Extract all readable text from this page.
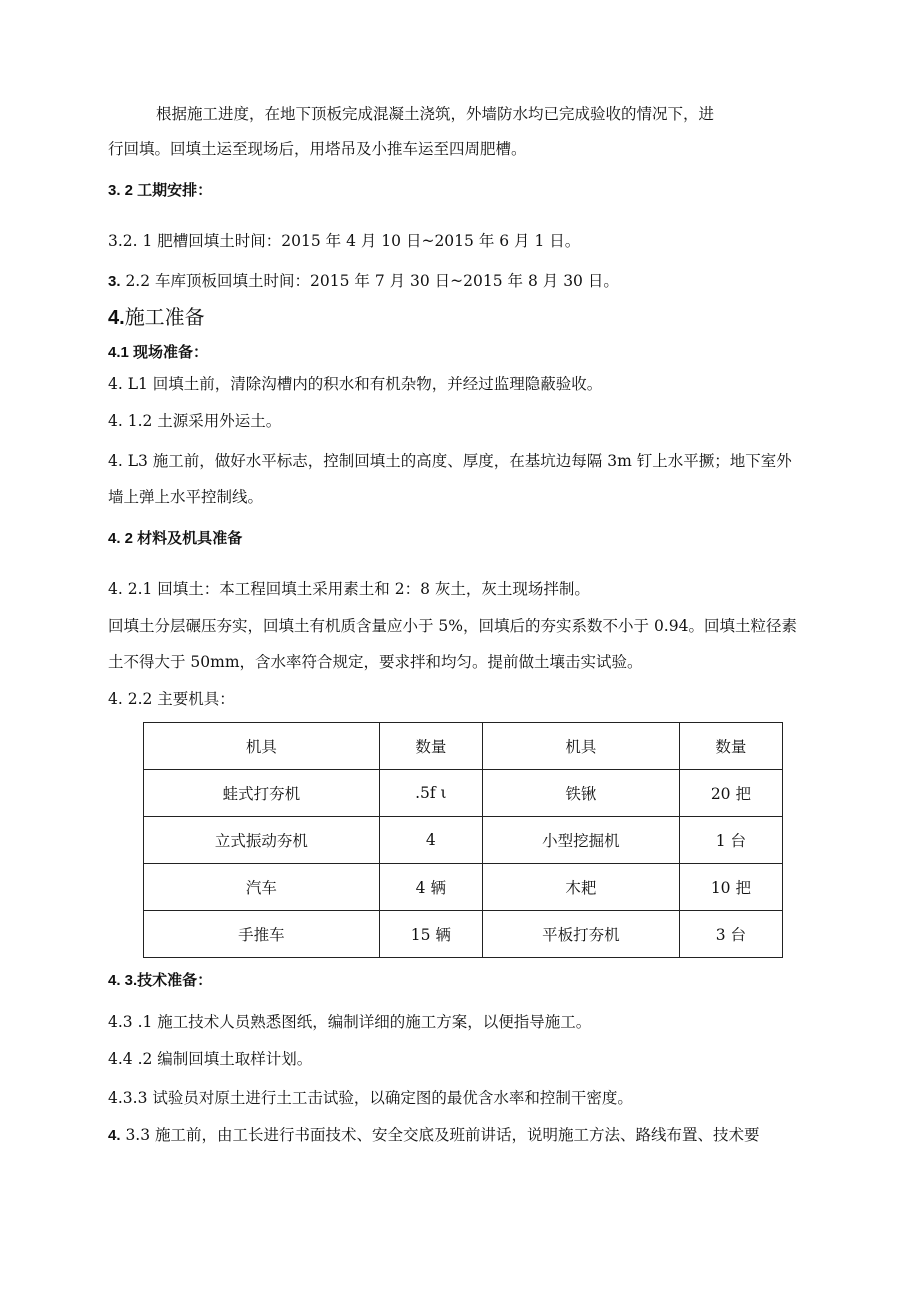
根据施工进度，在地下顶板完成混凝土浇筑，外墙防水均已完成验收的情况下，进
行回填。回填土运至现场后，用塔吊及小推车运至四周肥槽。
3. 2 工期安排：
3.2. 1 肥槽回填土时间：2015 年 4 月 10 日~2015 年 6 月 1 日。
3. 2.2 车库顶板回填土时间：2015 年 7 月 30 日~2015 年 8 月 30 日。
4.施工准备
4.1 现场准备：
4. L1 回填土前，清除沟槽内的积水和有机杂物，并经过监理隐蔽验收。
4. 1.2 土源采用外运土。
4. L3 施工前，做好水平标志，控制回填土的高度、厚度，在基坑边每隔 3m 钉上水平撅；地下室外
墙上弹上水平控制线。
4. 2 材料及机具准备
4. 2.1 回填土：本工程回填土采用素土和 2：8 灰土，灰土现场拌制。
回填土分层碾压夯实，回填土有机质含量应小于 5%，回填后的夯实系数不小于 0.94。回填土粒径素
土不得大于 50mm，含水率符合规定，要求拌和均匀。提前做土壤击实试验。
4. 2.2 主要机具：
机具	数量	机具	数量
蛙式打夯机	.5f ι	铁锹	20 把
立式振动夯机	4	小型挖掘机	1 台
汽车	4 辆	木耙	10 把
手推车	15 辆	平板打夯机	3 台
4. 3.技术准备：
4.3 .1 施工技术人员熟悉图纸，编制详细的施工方案，以便指导施工。
4.4 .2 编制回填土取样计划。
4.3.3 试验员对原土进行土工击试验，以确定图的最优含水率和控制干密度。
4. 3.3 施工前，由工长进行书面技术、安全交底及班前讲话，说明施工方法、路线布置、技术要
